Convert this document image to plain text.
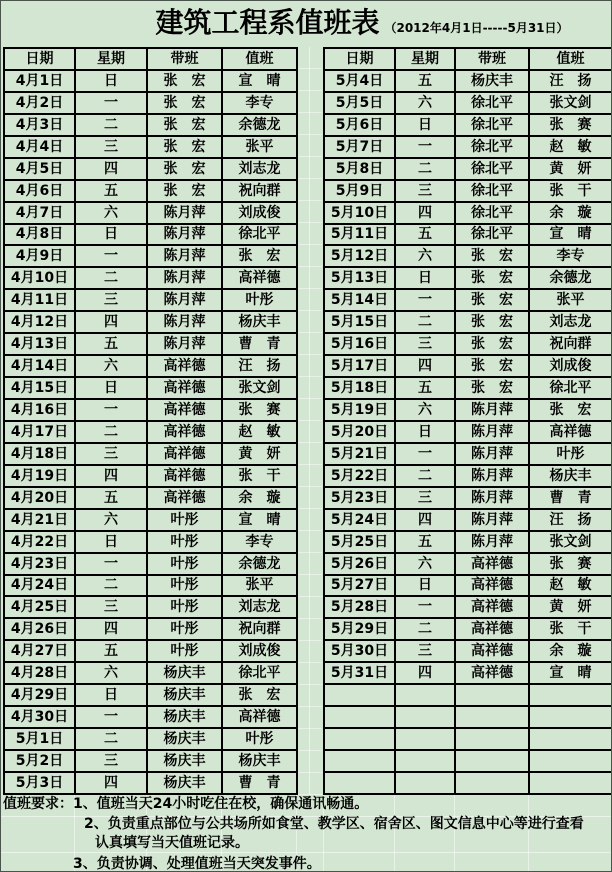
建筑工程系值班表 （2012年4月1日-----5月31日）
日期	星期	带班	值班
4月1日	日	张　宏	宣　晴
4月2日	一	张　宏	李专
4月3日	二	张　宏	余德龙
4月4日	三	张　宏	张平
4月5日	四	张　宏	刘志龙
4月6日	五	张　宏	祝向群
4月7日	六	陈月萍	刘成俊
4月8日	日	陈月萍	徐北平
4月9日	一	陈月萍	张　宏
4月10日	二	陈月萍	高祥德
4月11日	三	陈月萍	叶彤
4月12日	四	陈月萍	杨庆丰
4月13日	五	陈月萍	曹　青
4月14日	六	高祥德	汪　扬
4月15日	日	高祥德	张文剑
4月16日	一	高祥德	张　赛
4月17日	二	高祥德	赵　敏
4月18日	三	高祥德	黄　妍
4月19日	四	高祥德	张　干
4月20日	五	高祥德	余　璇
4月21日	六	叶彤	宣　晴
4月22日	日	叶彤	李专
4月23日	一	叶彤	余德龙
4月24日	二	叶彤	张平
4月25日	三	叶彤	刘志龙
4月26日	四	叶彤	祝向群
4月27日	五	叶彤	刘成俊
4月28日	六	杨庆丰	徐北平
4月29日	日	杨庆丰	张　宏
4月30日	一	杨庆丰	高祥德
5月1日	二	杨庆丰	叶彤
5月2日	三	杨庆丰	杨庆丰
5月3日	四	杨庆丰	曹　青
日期	星期	带班	值班
5月4日	五	杨庆丰	汪　扬
5月5日	六	徐北平	张文剑
5月6日	日	徐北平	张　赛
5月7日	一	徐北平	赵　敏
5月8日	二	徐北平	黄　妍
5月9日	三	徐北平	张　干
5月10日	四	徐北平	余　璇
5月11日	五	徐北平	宣　晴
5月12日	六	张　宏	李专
5月13日	日	张　宏	余德龙
5月14日	一	张　宏	张平
5月15日	二	张　宏	刘志龙
5月16日	三	张　宏	祝向群
5月17日	四	张　宏	刘成俊
5月18日	五	张　宏	徐北平
5月19日	六	陈月萍	张　宏
5月20日	日	陈月萍	高祥德
5月21日	一	陈月萍	叶彤
5月22日	二	陈月萍	杨庆丰
5月23日	三	陈月萍	曹　青
5月24日	四	陈月萍	汪　扬
5月25日	五	陈月萍	张文剑
5月26日	六	高祥德	张　赛
5月27日	日	高祥德	赵　敏
5月28日	一	高祥德	黄　妍
5月29日	二	高祥德	张　干
5月30日	三	高祥德	余　璇
5月31日	四	高祥德	宣　晴

值班要求： 1、值班当天24小时吃住在校，确保通讯畅通。
2、负责重点部位与公共场所如食堂、教学区、宿舍区、图文信息中心等进行查看
认真填写当天值班记录。
3、负责协调、处理值班当天突发事件。
